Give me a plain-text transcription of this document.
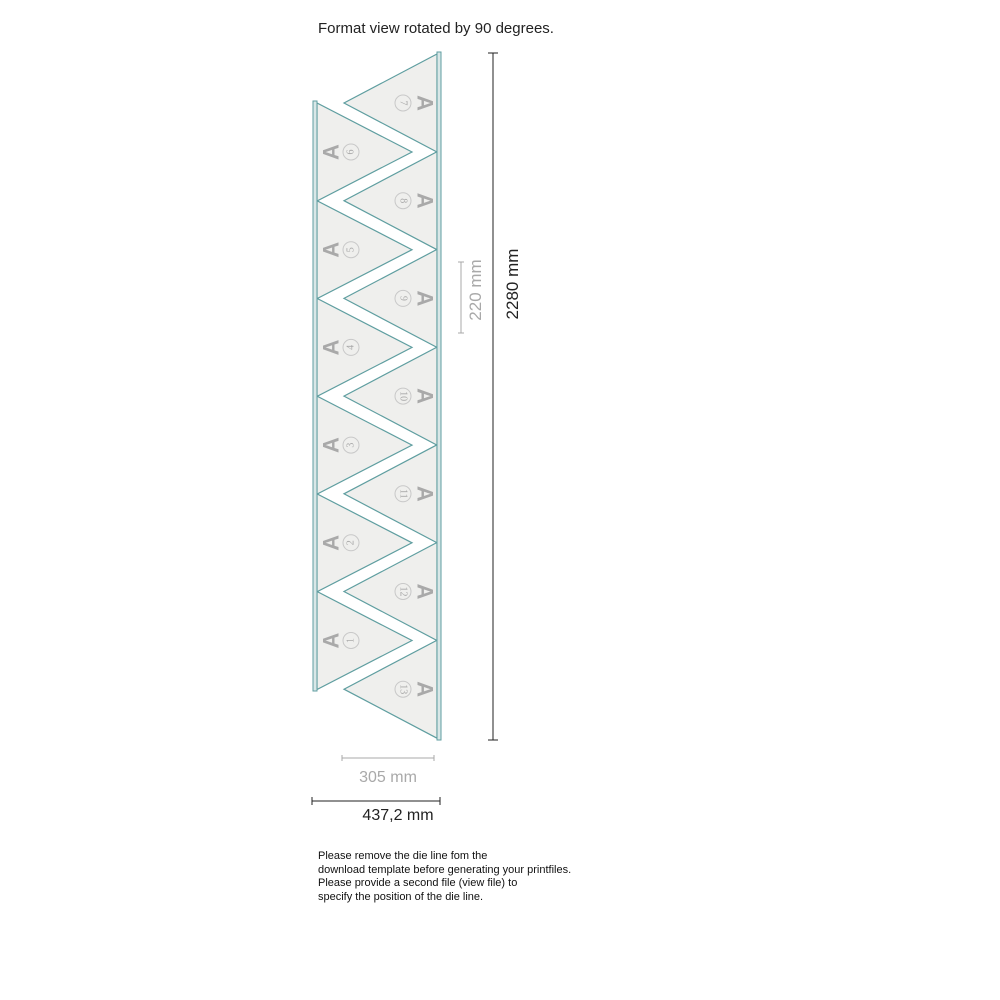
Format view rotated by 90 degrees.
A 6
A 5
A 4
A 3
A 2
A 1
A
7
A
8
A
9
A
10
A
11
A
12
A
13
2280 mm
220 mm
305 mm
437,2 mm
Please remove the die line fom the
download template before generating your printfiles.
Please provide a second file (view file) to
specify the position of the die line.
